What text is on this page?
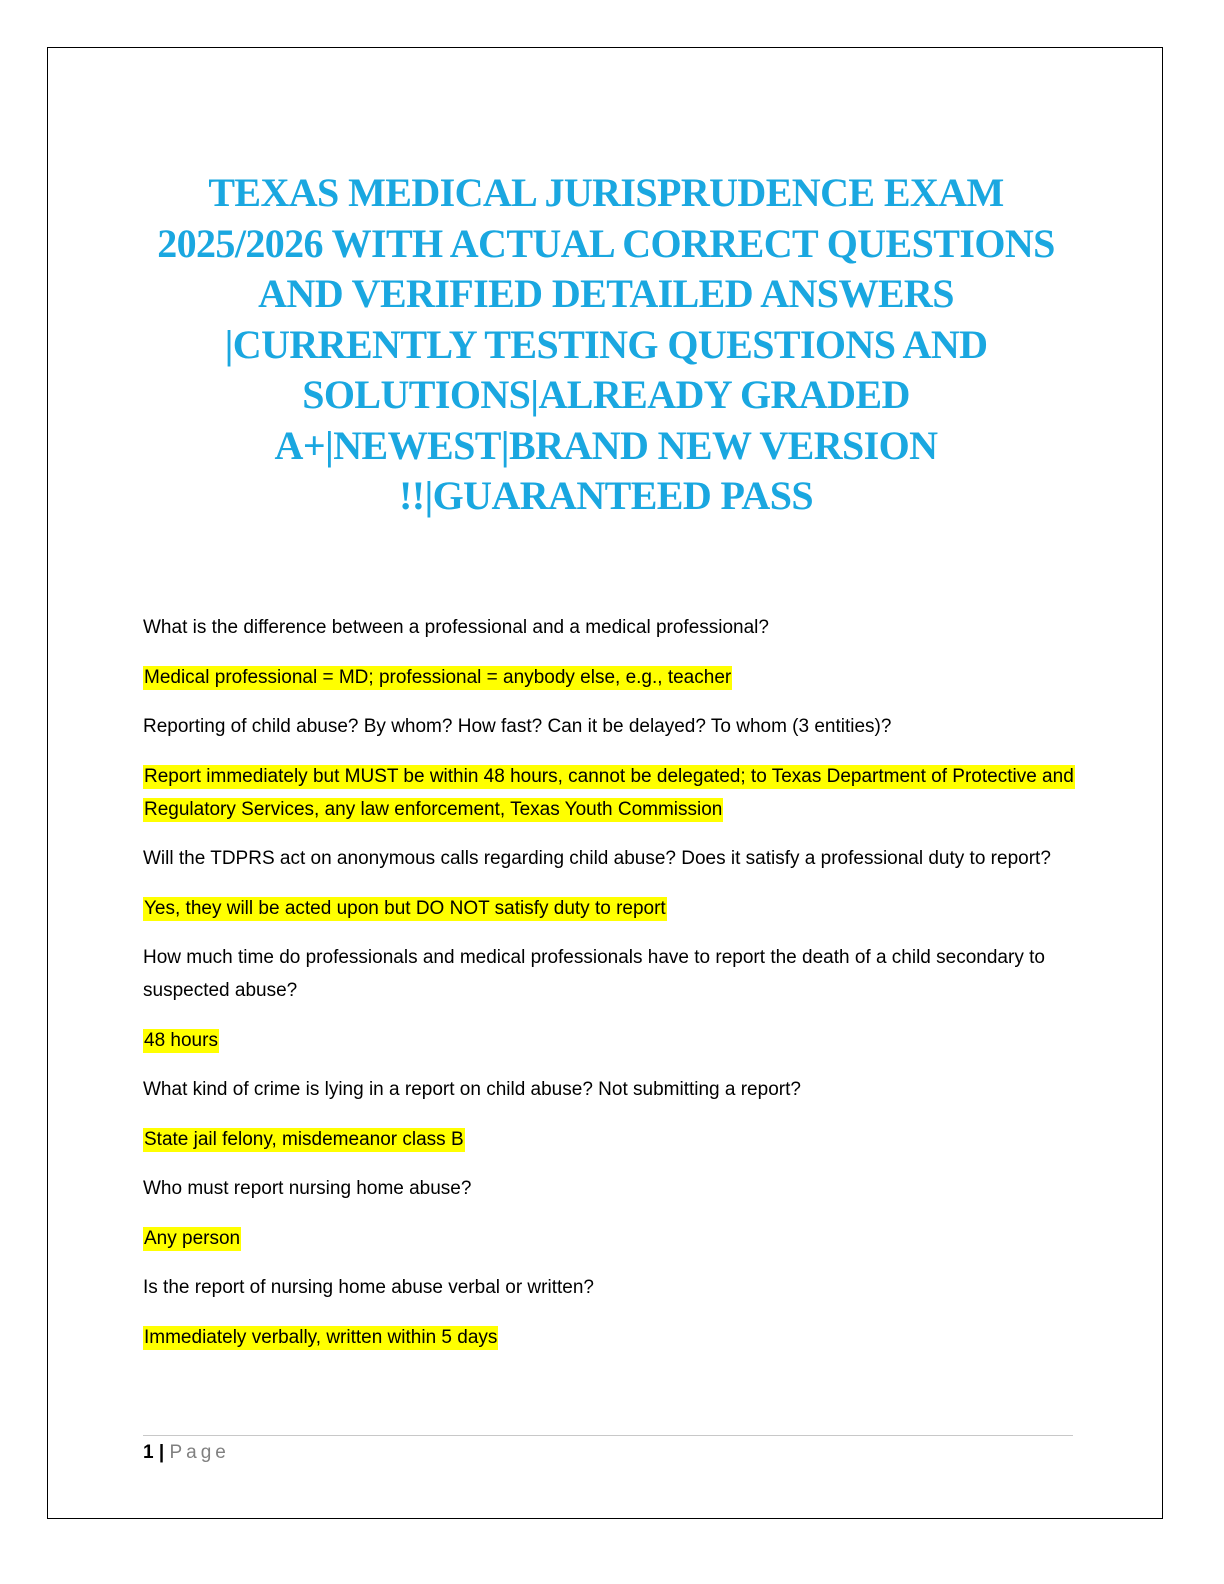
TEXAS MEDICAL JURISPRUDENCE EXAM 2025/2026 WITH ACTUAL CORRECT QUESTIONS AND VERIFIED DETAILED ANSWERS |CURRENTLY TESTING QUESTIONS AND SOLUTIONS|ALREADY GRADED A+|NEWEST|BRAND NEW VERSION !!|GUARANTEED PASS

What is the difference between a professional and a medical professional?

Medical professional = MD; professional = anybody else, e.g., teacher

Reporting of child abuse? By whom? How fast? Can it be delayed? To whom (3 entities)?

Report immediately but MUST be within 48 hours, cannot be delegated; to Texas Department of Protective and Regulatory Services, any law enforcement, Texas Youth Commission

Will the TDPRS act on anonymous calls regarding child abuse? Does it satisfy a professional duty to report?

Yes, they will be acted upon but DO NOT satisfy duty to report

How much time do professionals and medical professionals have to report the death of a child secondary to suspected abuse?

48 hours

What kind of crime is lying in a report on child abuse? Not submitting a report?

State jail felony, misdemeanor class B

Who must report nursing home abuse?

Any person

Is the report of nursing home abuse verbal or written?

Immediately verbally, written within 5 days

1 | Page
